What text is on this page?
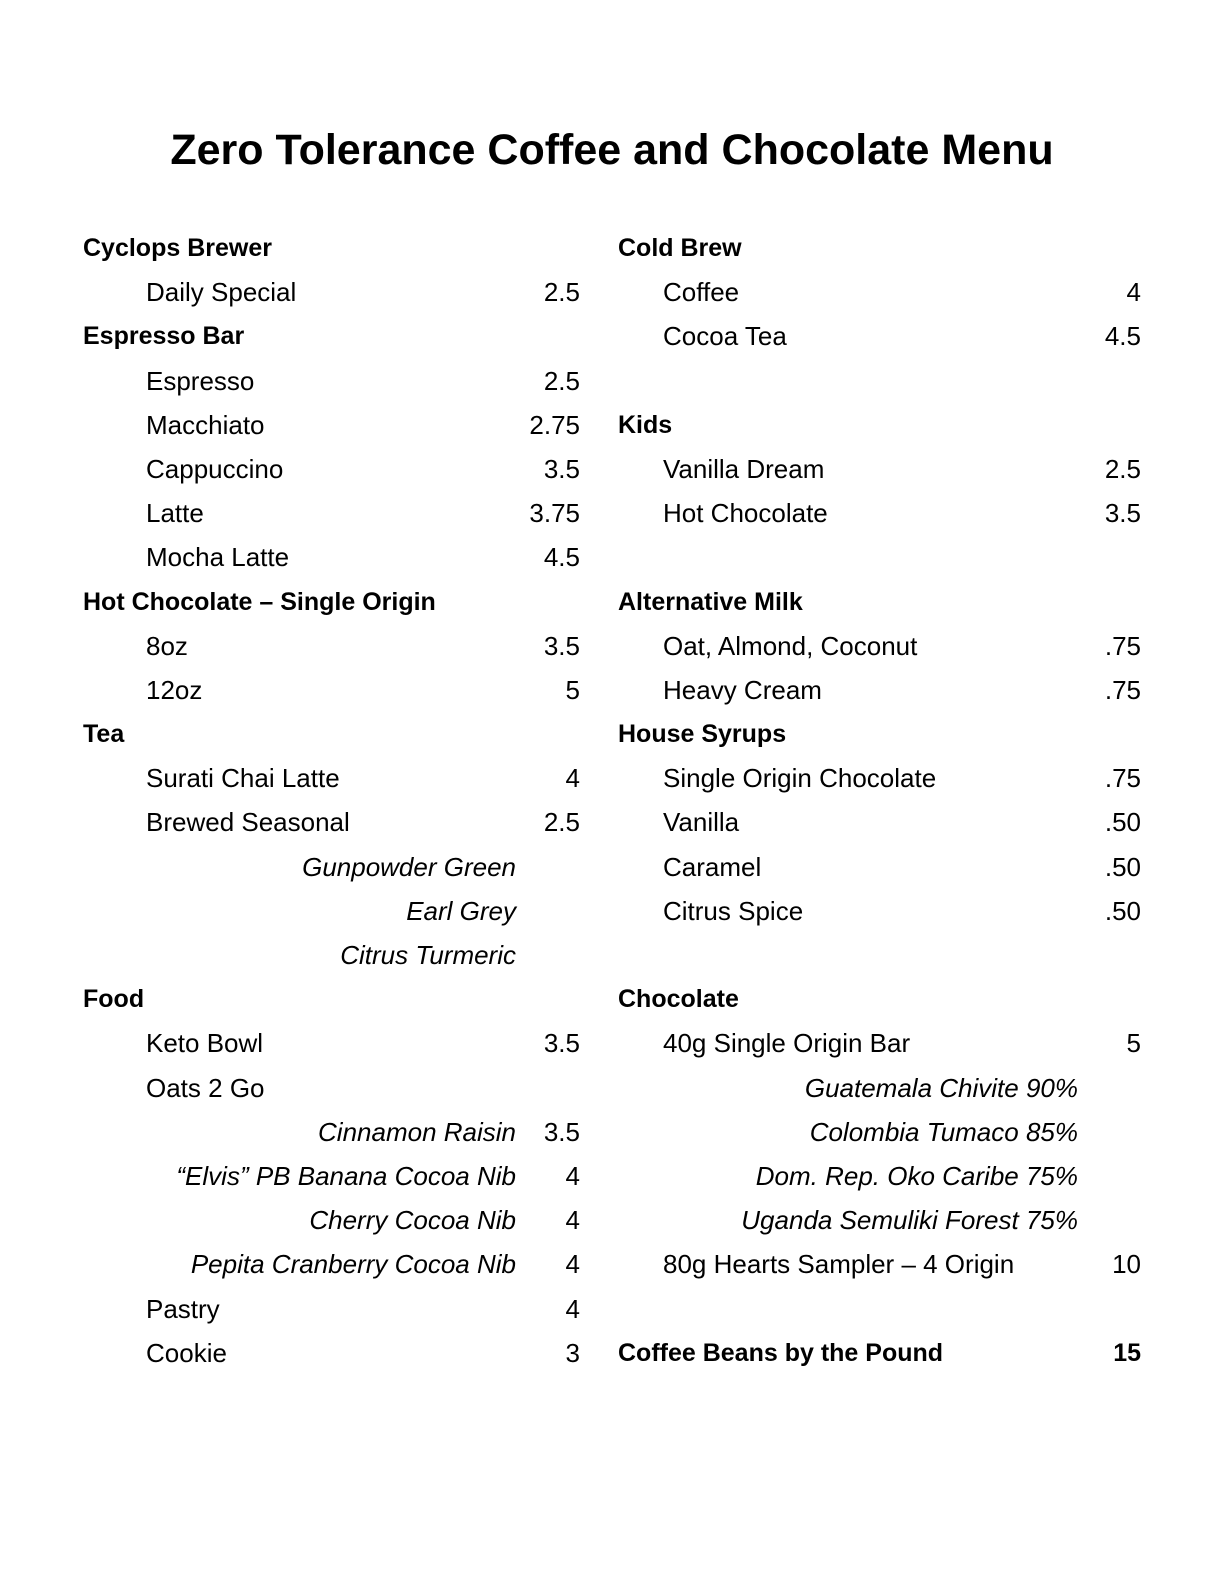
Zero Tolerance Coffee and Chocolate Menu
Cyclops Brewer
Daily Special	2.5
Espresso Bar
Espresso	2.5
Macchiato	2.75
Cappuccino	3.5
Latte	3.75
Mocha Latte	4.5
Hot Chocolate – Single Origin
8oz	3.5
12oz	5
Tea
Surati Chai Latte	4
Brewed Seasonal	2.5
Gunpowder Green
Earl Grey
Citrus Turmeric
Food
Keto Bowl	3.5
Oats 2 Go
Cinnamon Raisin 3.5
“Elvis” PB Banana Cocoa Nib 4
Cherry Cocoa Nib 4
Pepita Cranberry Cocoa Nib 4
Pastry	4
Cookie	3
Cold Brew
Coffee	4
Cocoa Tea	4.5
Kids
Vanilla Dream	2.5
Hot Chocolate	3.5
Alternative Milk
Oat, Almond, Coconut	.75
Heavy Cream	.75
House Syrups
Single Origin Chocolate	.75
Vanilla	.50
Caramel	.50
Citrus Spice	.50
Chocolate
40g Single Origin Bar	5
Guatemala Chivite 90%
Colombia Tumaco 85%
Dom. Rep. Oko Caribe 75%
Uganda Semuliki Forest 75%
80g Hearts Sampler – 4 Origin	10
Coffee Beans by the Pound	15
